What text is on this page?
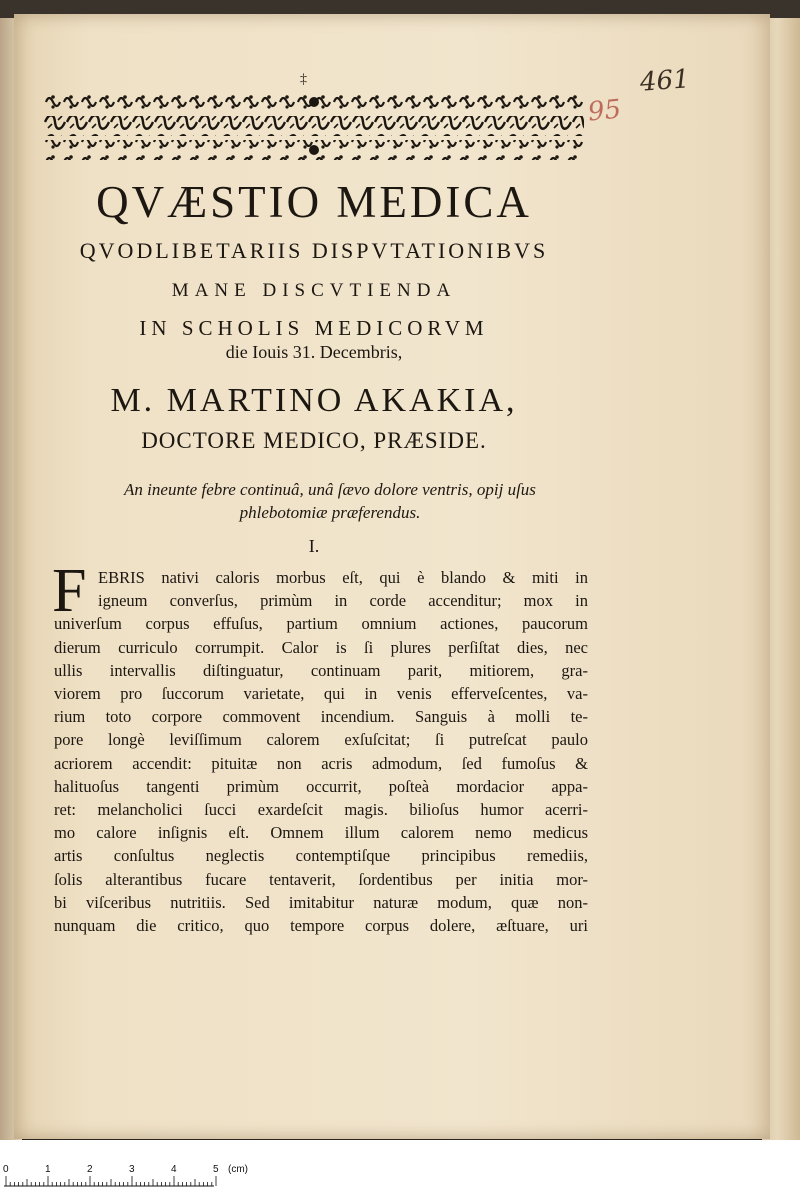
‡	461
95
QVÆSTIO MEDICA
QVODLIBETARIIS DISPVTATIONIBVS
MANE DISCVTIENDA
IN SCHOLIS MEDICORVM
die Iouis 31. Decembris,
M. MARTINO AKAKIA,
DOCTORE MEDICO, PRÆSIDE.
An ineunte febre continuâ, unâ ſævo dolore ventris, opij uſus
phlebotomiæ præferendus.
I.
F EBRIS nativi caloris morbus eſt, qui è blando & miti in
igneum converſus, primùm in corde accenditur; mox in
univerſum corpus effuſus, partium omnium actiones, paucorum
dierum curriculo corrumpit. Calor is ſi plures perſiſtat dies, nec
ullis intervallis diſtinguatur, continuam parit, mitiorem, gra-
viorem pro ſuccorum varietate, qui in venis efferveſcentes, va-
rium toto corpore commovent incendium. Sanguis à molli te-
pore longè leviſſimum calorem exſuſcitat; ſi putreſcat paulo
acriorem accendit: pituitæ non acris admodum, ſed fumoſus &
halituoſus tangenti primùm occurrit, poſteà mordacior appa-
ret: melancholici ſucci exardeſcit magis. bilioſus humor acerri-
mo calore inſignis eſt. Omnem illum calorem nemo medicus
artis conſultus neglectis contemptiſque principibus remediis,
ſolis alterantibus fucare tentaverit, ſordentibus per initia mor-
bi viſceribus nutritiis. Sed imitabitur naturæ modum, quæ non-
nunquam die critico, quo tempore corpus dolere, æſtuare, uri
0	1	2	3	4	5 (cm)
